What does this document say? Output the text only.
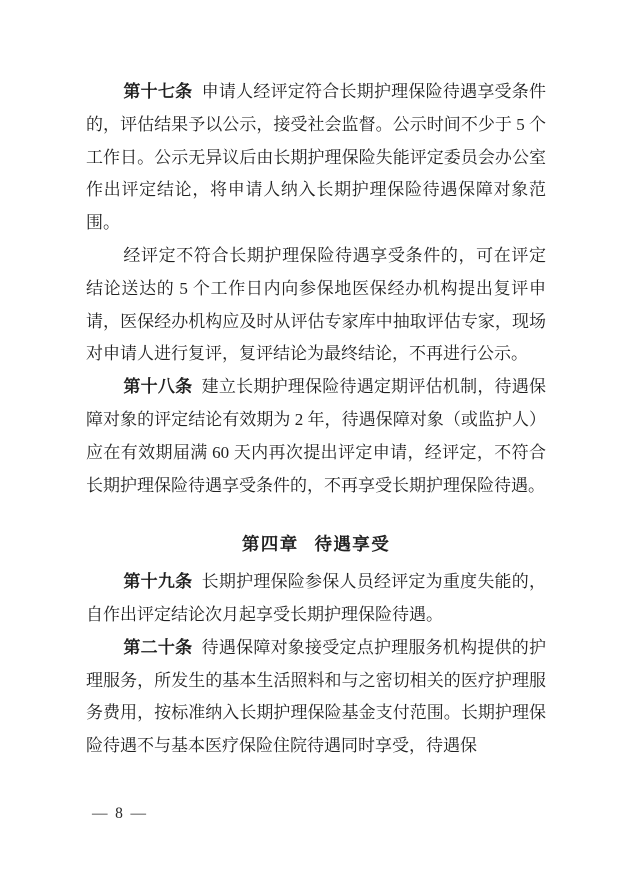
第十七条 申请人经评定符合长期护理保险待遇享受条件的，评估结果予以公示，接受社会监督。公示时间不少于 5 个工作日。公示无异议后由长期护理保险失能评定委员会办公室作出评定结论，将申请人纳入长期护理保险待遇保障对象范围。

经评定不符合长期护理保险待遇享受条件的，可在评定结论送达的 5 个工作日内向参保地医保经办机构提出复评申请，医保经办机构应及时从评估专家库中抽取评估专家，现场对申请人进行复评，复评结论为最终结论，不再进行公示。

第十八条 建立长期护理保险待遇定期评估机制，待遇保障对象的评定结论有效期为 2 年，待遇保障对象（或监护人）应在有效期届满 60 天内再次提出评定申请，经评定，不符合长期护理保险待遇享受条件的，不再享受长期护理保险待遇。

第四章 待遇享受

第十九条 长期护理保险参保人员经评定为重度失能的，自作出评定结论次月起享受长期护理保险待遇。

第二十条 待遇保障对象接受定点护理服务机构提供的护理服务，所发生的基本生活照料和与之密切相关的医疗护理服务费用，按标准纳入长期护理保险基金支付范围。长期护理保险待遇不与基本医疗保险住院待遇同时享受，待遇保

— 8 —
